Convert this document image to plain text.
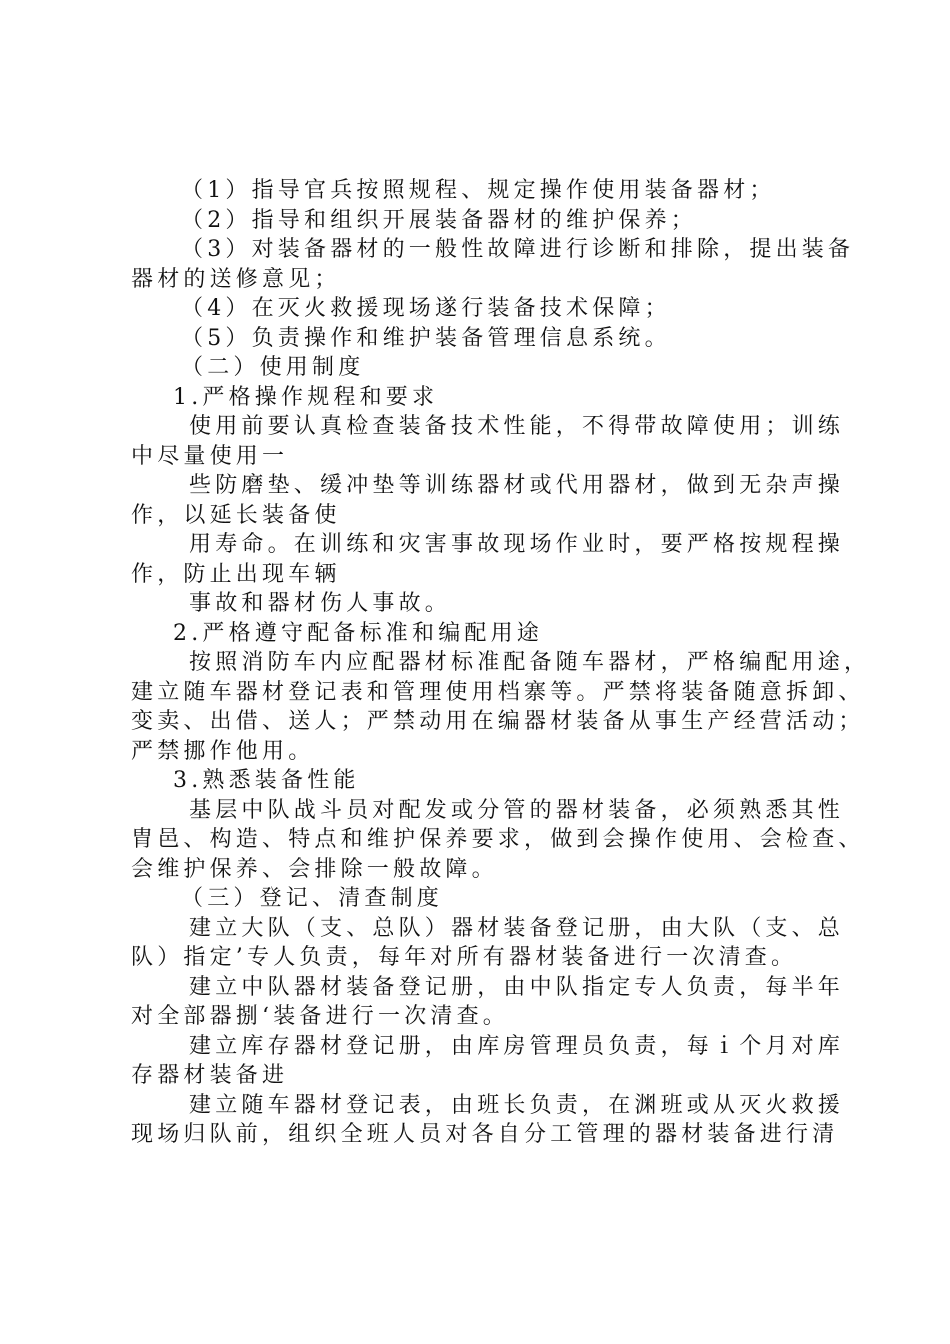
（1）指导官兵按照规程、规定操作使用装备器材；
（2）指导和组织开展装备器材的维护保养；
（3）对装备器材的一般性故障进行诊断和排除，提出装备
器材的送修意见；
（4）在灭火救援现场遂行装备技术保障；
（5）负责操作和维护装备管理信息系统。
（二）使用制度
1.严格操作规程和要求
使用前要认真检查装备技术性能，不得带故障使用；训练
中尽量使用一
些防磨垫、缓冲垫等训练器材或代用器材，做到无杂声操
作，以延长装备使
用寿命。在训练和灾害事故现场作业时，要严格按规程操
作，防止出现车辆
事故和器材伤人事故。
2.严格遵守配备标准和编配用途
按照消防车内应配器材标准配备随车器材，严格编配用途，
建立随车器材登记表和管理使用档寨等。严禁将装备随意拆卸、
变卖、出借、送人；严禁动用在编器材装备从事生产经营活动；
严禁挪作他用。
3.熟悉装备性能
基层中队战斗员对配发或分管的器材装备，必须熟悉其性
胄邑、构造、特点和维护保养要求，做到会操作使用、会检查、
会维护保养、会排除一般故障。
（三）登记、清查制度
建立大队（支、总队）器材装备登记册，由大队（支、总
队）指定’专人负责，每年对所有器材装备进行一次清查。
建立中队器材装备登记册，由中队指定专人负责，每半年
对全部器捌‘装备进行一次清查。
建立库存器材登记册，由库房管理员负责，每ｉ个月对库
存器材装备进
建立随车器材登记表，由班长负责，在渊班或从灭火救援
现场归队前，组织全班人员对各自分工管理的器材装备进行清
